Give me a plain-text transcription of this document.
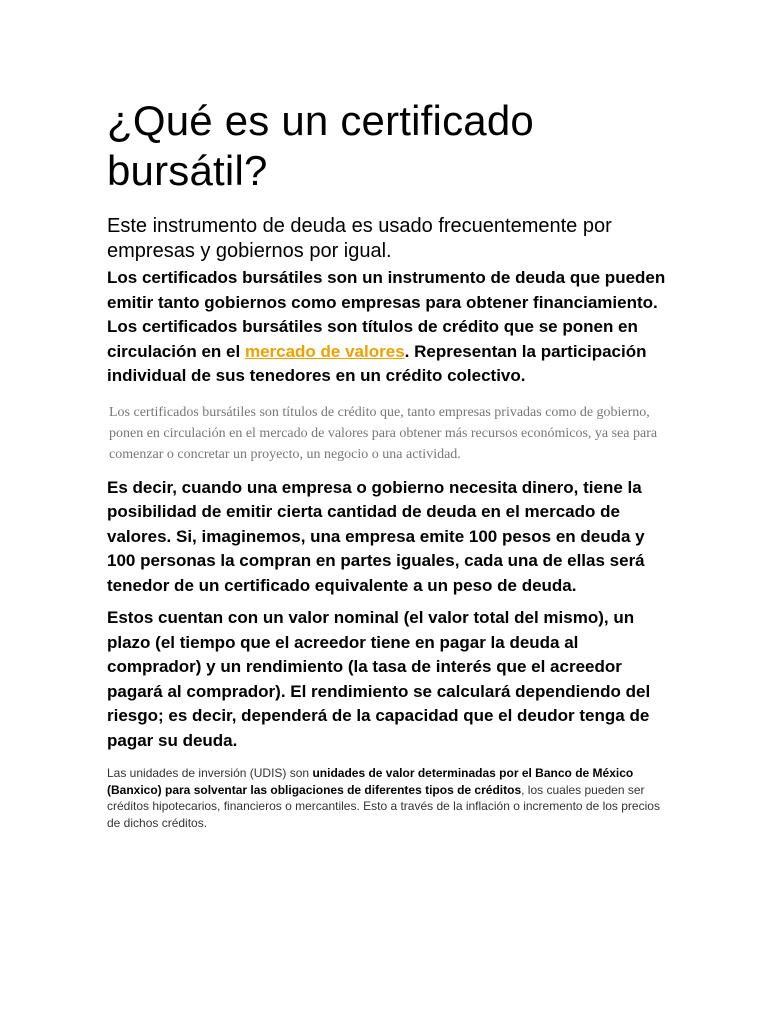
¿Qué es un certificado bursátil?

Este instrumento de deuda es usado frecuentemente por empresas y gobiernos por igual.

Los certificados bursátiles son un instrumento de deuda que pueden emitir tanto gobiernos como empresas para obtener financiamiento. Los certificados bursátiles son títulos de crédito que se ponen en circulación en el mercado de valores. Representan la participación individual de sus tenedores en un crédito colectivo.

Los certificados bursátiles son títulos de crédito que, tanto empresas privadas como de gobierno, ponen en circulación en el mercado de valores para obtener más recursos económicos, ya sea para comenzar o concretar un proyecto, un negocio o una actividad.

Es decir, cuando una empresa o gobierno necesita dinero, tiene la posibilidad de emitir cierta cantidad de deuda en el mercado de valores. Si, imaginemos, una empresa emite 100 pesos en deuda y 100 personas la compran en partes iguales, cada una de ellas será tenedor de un certificado equivalente a un peso de deuda.

Estos cuentan con un valor nominal (el valor total del mismo), un plazo (el tiempo que el acreedor tiene en pagar la deuda al comprador) y un rendimiento (la tasa de interés que el acreedor pagará al comprador). El rendimiento se calculará dependiendo del riesgo; es decir, dependerá de la capacidad que el deudor tenga de pagar su deuda.

Las unidades de inversión (UDIS) son unidades de valor determinadas por el Banco de México (Banxico) para solventar las obligaciones de diferentes tipos de créditos, los cuales pueden ser créditos hipotecarios, financieros o mercantiles. Esto a través de la inflación o incremento de los precios de dichos créditos.
